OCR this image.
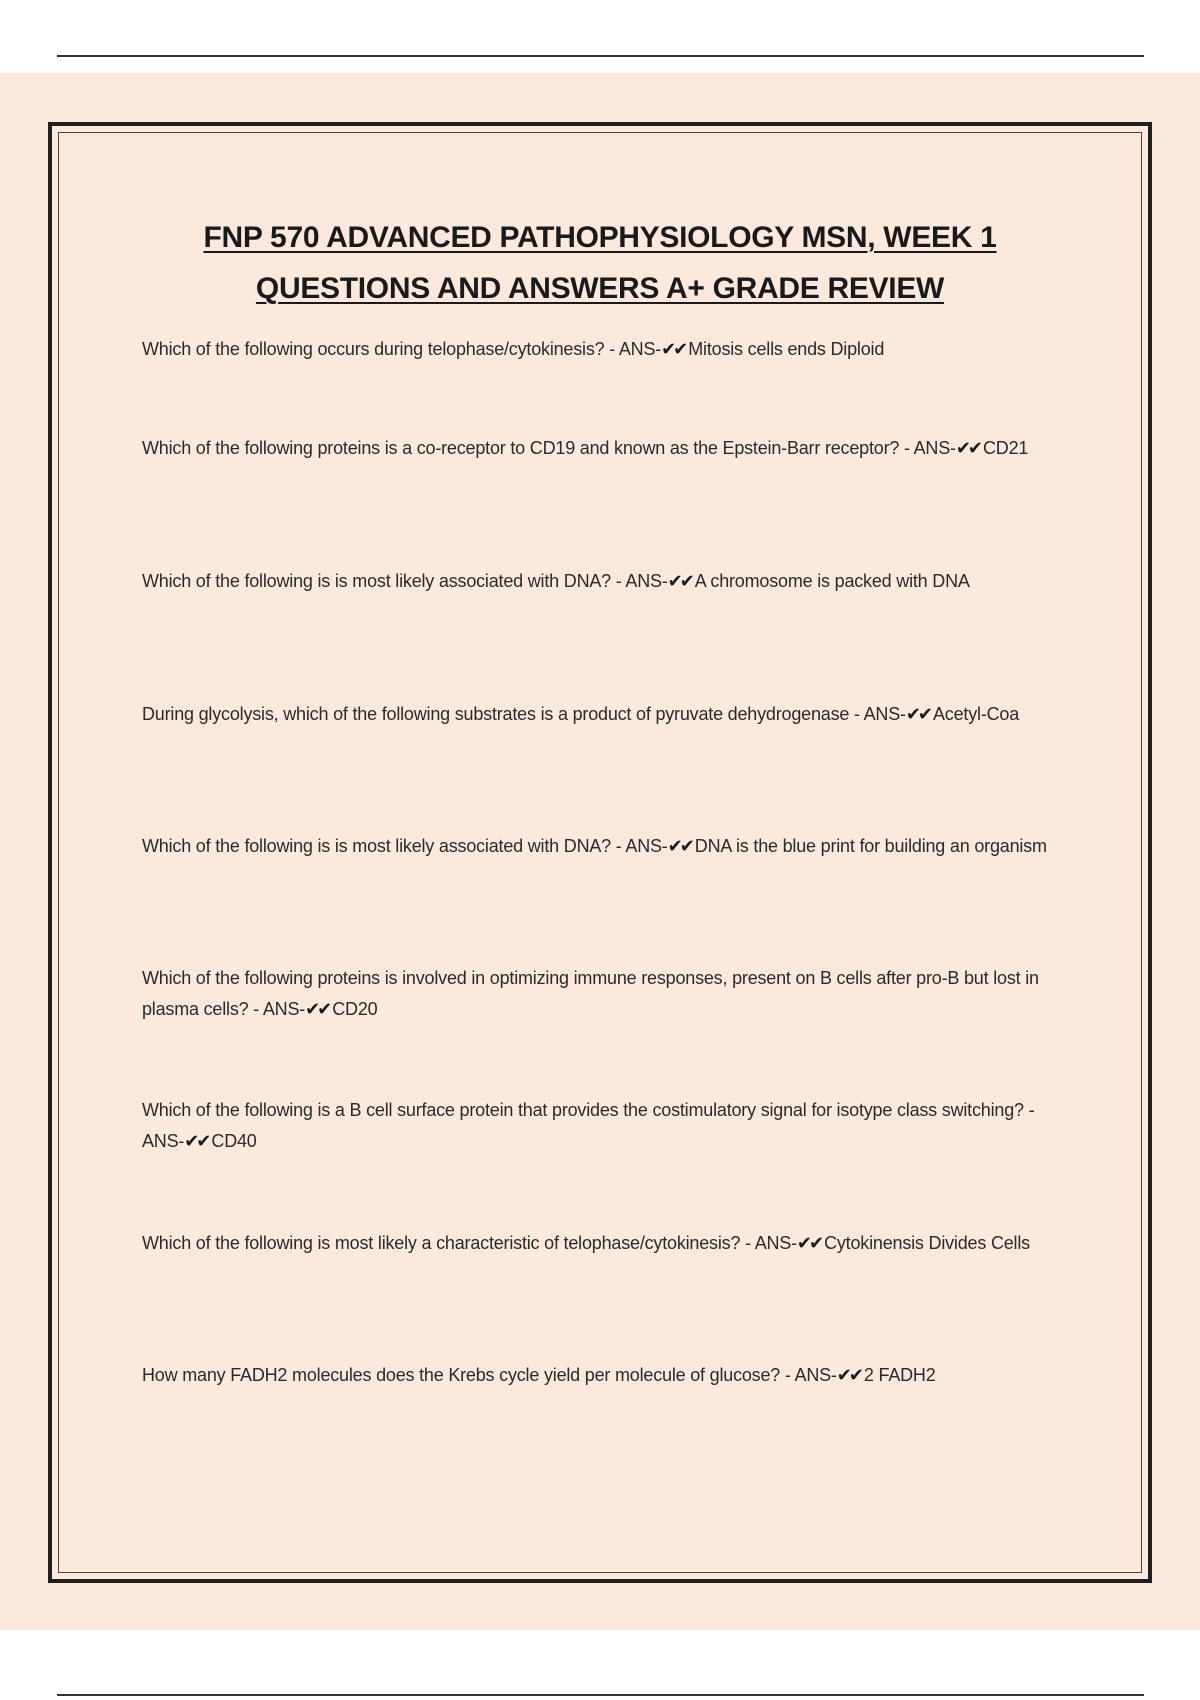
FNP 570 ADVANCED PATHOPHYSIOLOGY MSN, WEEK 1
QUESTIONS AND ANSWERS A+ GRADE REVIEW
Which of the following occurs during telophase/cytokinesis? - ANS-✔✔ Mitosis cells ends Diploid
Which of the following proteins is a co-receptor to CD19 and known as the Epstein-Barr receptor? - ANS-✔✔ CD21
Which of the following is is most likely associated with DNA? - ANS-✔✔ A chromosome is packed with DNA
During glycolysis, which of the following substrates is a product of pyruvate dehydrogenase - ANS-✔✔ Acetyl-Coa
Which of the following is is most likely associated with DNA? - ANS-✔✔ DNA is the blue print for building an organism
Which of the following proteins is involved in optimizing immune responses, present on B cells after pro-B but lost in plasma cells? - ANS-✔✔ CD20
Which of the following is a B cell surface protein that provides the costimulatory signal for isotype class switching? - ANS-✔✔ CD40
Which of the following is most likely a characteristic of telophase/cytokinesis? - ANS-✔✔ Cytokinensis Divides Cells
How many FADH2 molecules does the Krebs cycle yield per molecule of glucose? - ANS-✔✔ 2 FADH2
